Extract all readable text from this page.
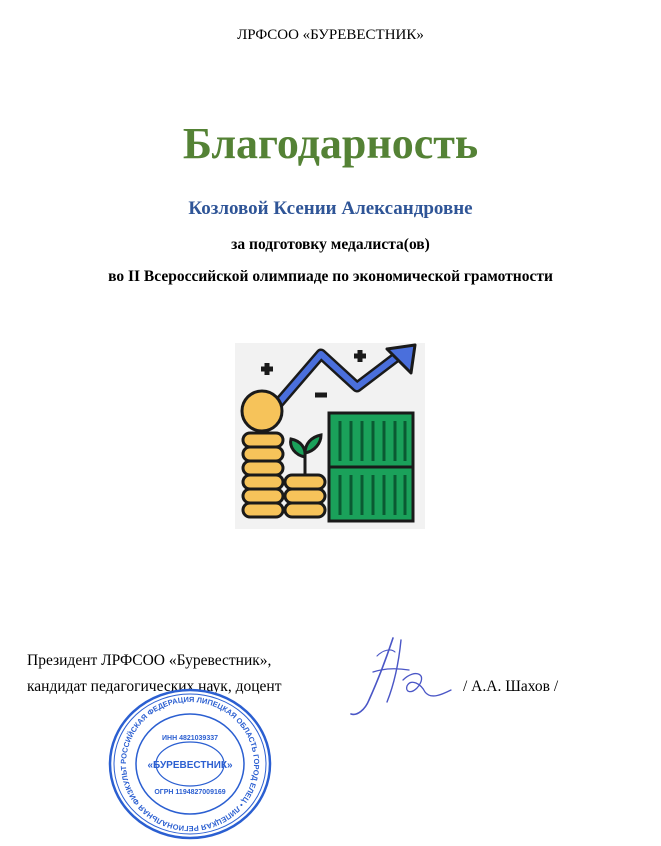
ЛРФСОО «БУРЕВЕСТНИК»
Благодарность
Козловой Ксении Александровне
за подготовку медалиста(ов)
во II Всероссийской олимпиаде по экономической грамотности
Президент ЛРФСОО «Буревестник»,
кандидат педагогических наук, доцент	/ А.А. Шахов /
РОССИЙСКАЯ ФЕДЕРАЦИЯ ЛИПЕЦКАЯ ОБЛАСТЬ ГОРОД ЕЛЕЦ • ЛИПЕЦКАЯ РЕГИОНАЛЬНАЯ ФИЗКУЛЬТ
ИНН 4821039337
«БУРЕВЕСТНИК»
ОГРН 1194827009169
